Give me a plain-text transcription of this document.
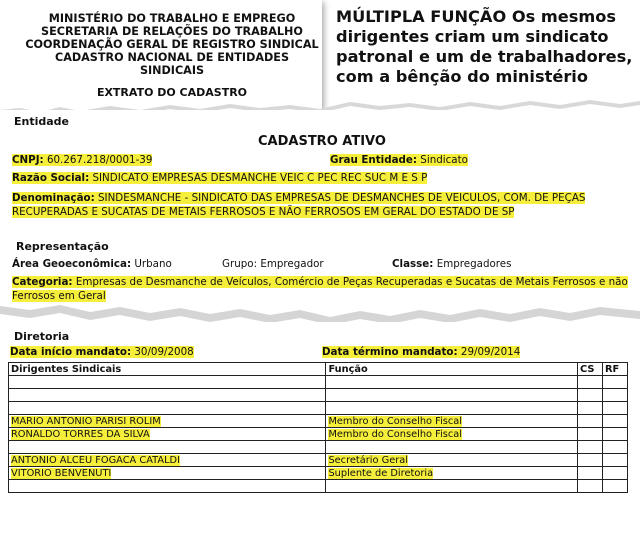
MINISTÉRIO DO TRABALHO E EMPREGO
SECRETARIA DE RELAÇÕES DO TRABALHO
COORDENAÇÃO GERAL DE REGISTRO SINDICAL
CADASTRO NACIONAL DE ENTIDADES SINDICAIS
EXTRATO DO CADASTRO
MÚLTIPLA FUNÇÃO Os mesmos dirigentes criam um sindicato patronal e um de trabalhadores, com a bênção do ministério
Entidade
CADASTRO ATIVO
CNPJ: 60.267.218/0001-39	Grau Entidade: Sindicato
Razão Social: SINDICATO EMPRESAS DESMANCHE VEIC C PEC REC SUC M E S P
Denominação: SINDESMANCHE - SINDICATO DAS EMPRESAS DE DESMANCHES DE VEICULOS, COM. DE PEÇAS
RECUPERADAS E SUCATAS DE METAIS FERROSOS E NÃO FERROSOS EM GERAL DO ESTADO DE SP
Representação
Área Geoeconômica: Urbano	Grupo: Empregador	Classe: Empregadores
Categoria: Empresas de Desmanche de Veículos, Comércio de Peças Recuperadas e Sucatas de Metais Ferrosos e não
Ferrosos em Geral
Diretoria
Data início mandato: 30/09/2008	Data término mandato: 29/09/2014
Dirigentes Sindicais	Função	CS	RF

MARIO ANTONIO PARISI ROLIM	Membro do Conselho Fiscal		
RONALDO TORRES DA SILVA	Membro do Conselho Fiscal		

ANTONIO ALCEU FOGACA CATALDI	Secretário Geral		
VITORIO BENVENUTI	Suplente de Diretoria		
